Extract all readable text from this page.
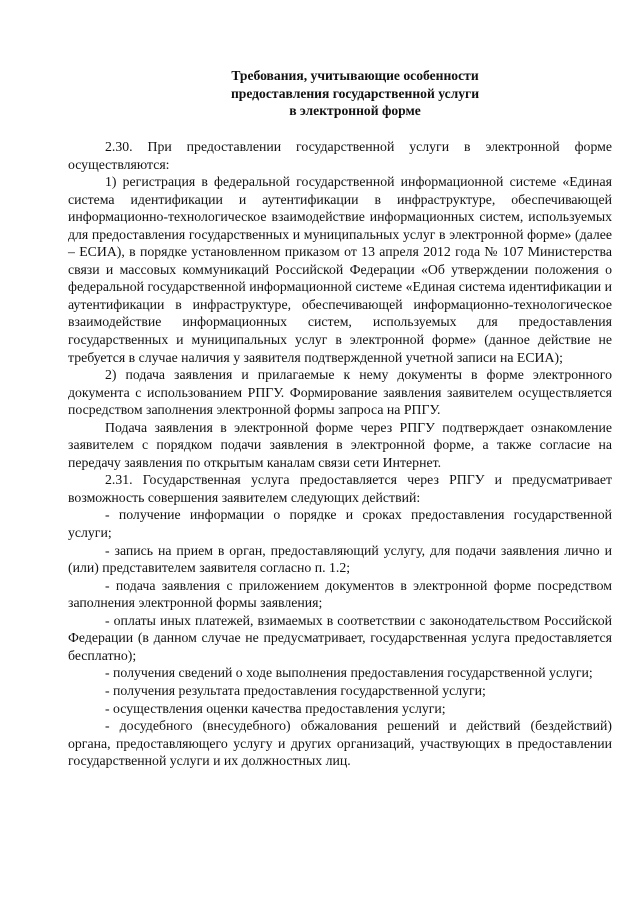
Требования, учитывающие особенности
предоставления государственной услуги
в электронной форме

2.30. При предоставлении государственной услуги в электронной форме осуществляются:

1) регистрация в федеральной государственной информационной системе «Единая система идентификации и аутентификации в инфраструктуре, обеспечивающей информационно-технологическое взаимодействие информационных систем, используемых для предоставления государственных и муниципальных услуг в электронной форме» (далее – ЕСИА), в порядке установленном приказом от 13 апреля 2012 года № 107 Министерства связи и массовых коммуникаций Российской Федерации «Об утверждении положения о федеральной государственной информационной системе «Единая система идентификации и аутентификации в инфраструктуре, обеспечивающей информационно-технологическое взаимодействие информационных систем, используемых для предоставления государственных и муниципальных услуг в электронной форме» (данное действие не требуется в случае наличия у заявителя подтвержденной учетной записи на ЕСИА);

2) подача заявления и прилагаемые к нему документы в форме электронного документа с использованием РПГУ. Формирование заявления заявителем осуществляется посредством заполнения электронной формы запроса на РПГУ.

Подача заявления в электронной форме через РПГУ подтверждает ознакомление заявителем с порядком подачи заявления в электронной форме, а также согласие на передачу заявления по открытым каналам связи сети Интернет.

2.31. Государственная услуга предоставляется через РПГУ и предусматривает возможность совершения заявителем следующих действий:

- получение информации о порядке и сроках предоставления государственной услуги;

- запись на прием в орган, предоставляющий услугу, для подачи заявления лично и (или) представителем заявителя согласно п. 1.2;

- подача заявления с приложением документов в электронной форме посредством заполнения электронной формы заявления;

- оплаты иных платежей, взимаемых в соответствии с законодательством Российской Федерации (в данном случае не предусматривает, государственная услуга предоставляется бесплатно);

- получения сведений о ходе выполнения предоставления государственной услуги;

- получения результата предоставления государственной услуги;

- осуществления оценки качества предоставления услуги;

- досудебного (внесудебного) обжалования решений и действий (бездействий) органа, предоставляющего услугу и других организаций, участвующих в предоставлении государственной услуги и их должностных лиц.
